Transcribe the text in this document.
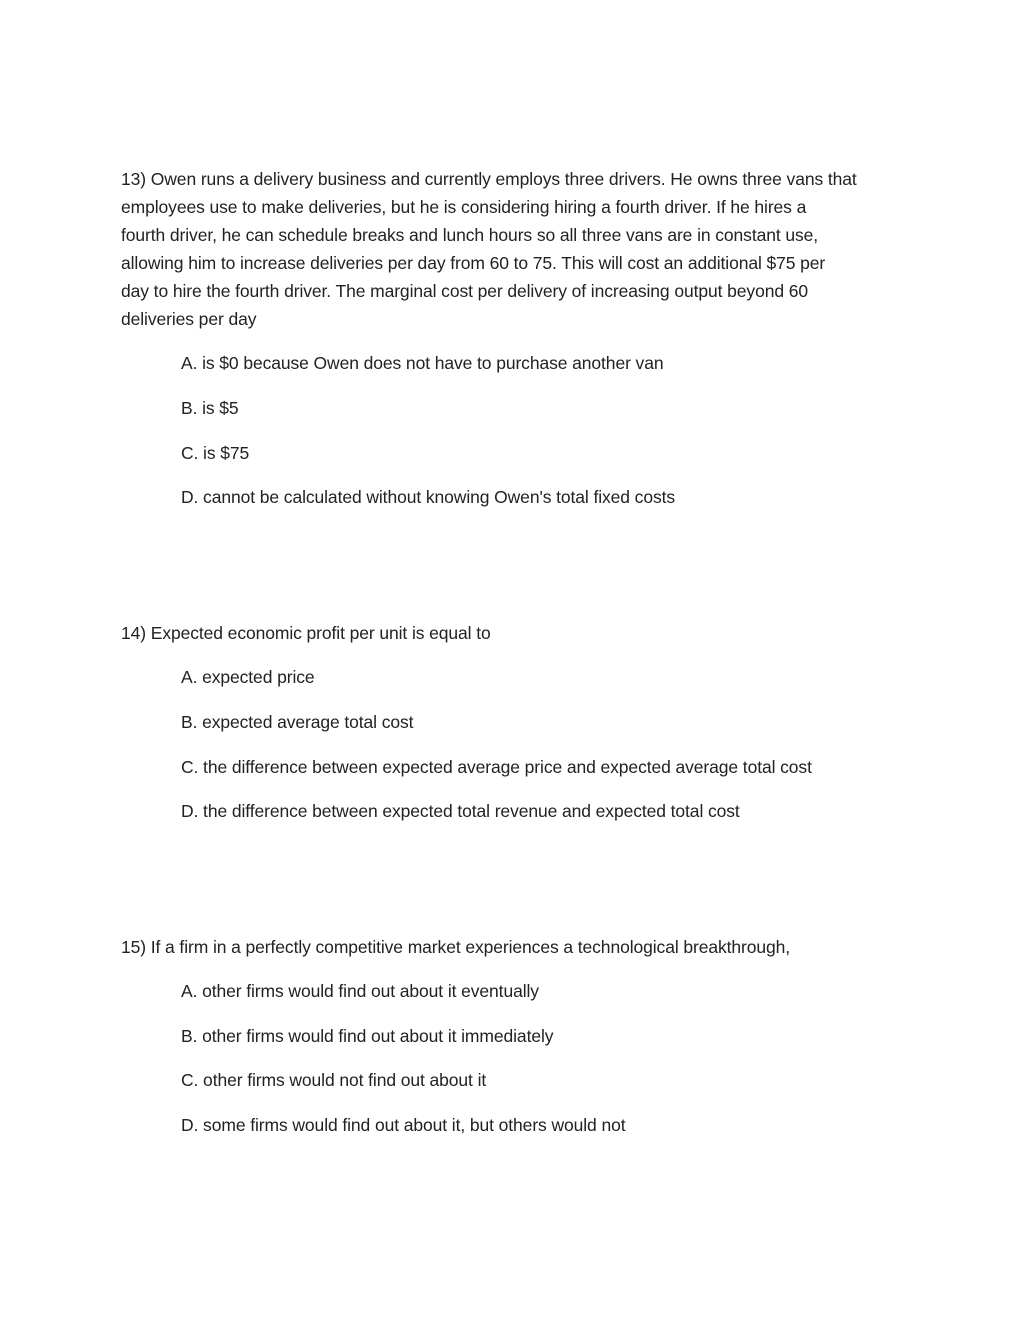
13) Owen runs a delivery business and currently employs three drivers. He owns three vans that
employees use to make deliveries, but he is considering hiring a fourth driver. If he hires a
fourth driver, he can schedule breaks and lunch hours so all three vans are in constant use,
allowing him to increase deliveries per day from 60 to 75. This will cost an additional $75 per
day to hire the fourth driver. The marginal cost per delivery of increasing output beyond 60
deliveries per day

A. is $0 because Owen does not have to purchase another van
B. is $5
C. is $75
D. cannot be calculated without knowing Owen's total fixed costs

14) Expected economic profit per unit is equal to

A. expected price
B. expected average total cost
C. the difference between expected average price and expected average total cost
D. the difference between expected total revenue and expected total cost

15) If a firm in a perfectly competitive market experiences a technological breakthrough,

A. other firms would find out about it eventually
B. other firms would find out about it immediately
C. other firms would not find out about it
D. some firms would find out about it, but others would not
